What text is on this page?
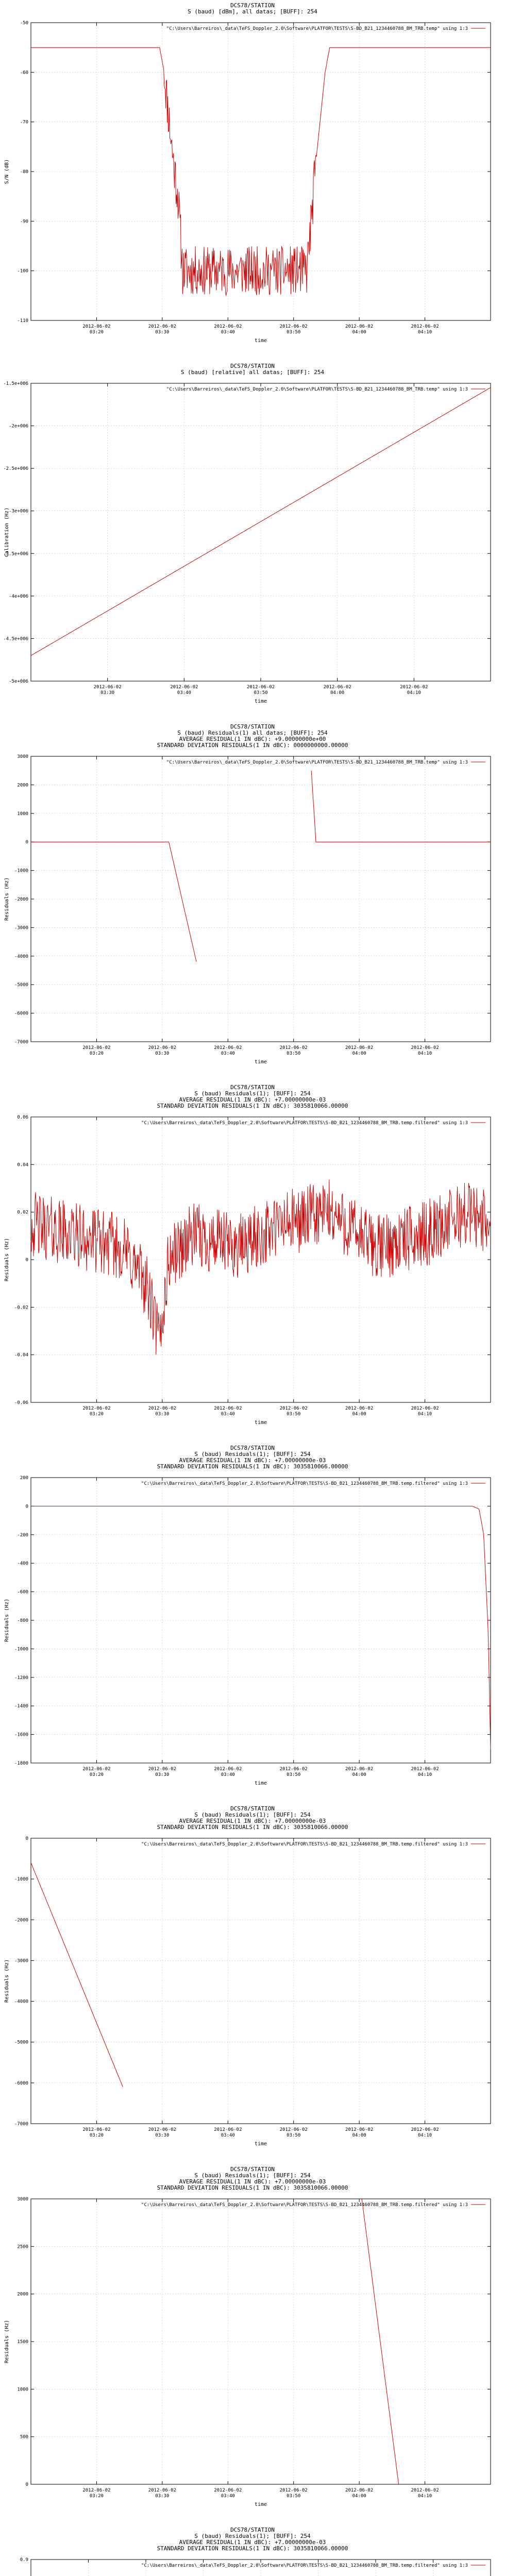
DCS78/STATION
S (baud) [dBm], all datas; [BUFF]: 254
-50
-60
-70
-80
-90
-100
-110
2012-06-02
03:20
2012-06-02
03:30
2012-06-02
03:40
2012-06-02
03:50
2012-06-02
04:00
2012-06-02
04:10
time
S/N (dB)
"C:\Users\Barreiros\_data\TeFS_Doppler_2.0\Software\PLATFOR\TESTS\S-BD_B21_1234460788_BM_TRB.temp" using 1:3
DCS78/STATION
S (baud) [relative] all datas; [BUFF]: 254
-1.5e+006
-2e+006
-2.5e+006
-3e+006
-3.5e+006
-4e+006
-4.5e+006
-5e+006
2012-06-02
03:30
2012-06-02
03:40
2012-06-02
03:50
2012-06-02
04:00
2012-06-02
04:10
time
Calibration (Hz)
"C:\Users\Barreiros\_data\TeFS_Doppler_2.0\Software\PLATFOR\TESTS\S-BD_B21_1234460788_BM_TRB.temp" using 1:3
DCS78/STATION
S (baud) Residuals(1) all datas; [BUFF]: 254
AVERAGE RESIDUAL(1 IN dBC): +9.00000000e+00
STANDARD DEVIATION RESIDUALS(1 IN dBC): 0000000000.00000
3000
2000
1000
0
-1000
-2000
-3000
-4000
-5000
-6000
-7000
2012-06-02
03:20
2012-06-02
03:30
2012-06-02
03:40
2012-06-02
03:50
2012-06-02
04:00
2012-06-02
04:10
time
Residuals (Hz)
"C:\Users\Barreiros\_data\TeFS_Doppler_2.0\Software\PLATFOR\TESTS\S-BD_B21_1234460788_BM_TRB.temp" using 1:3
DCS78/STATION
S (baud) Residuals(1); [BUFF]: 254
AVERAGE RESIDUAL(1 IN dBC): +7.00000000e-03
STANDARD DEVIATION RESIDUALS(1 IN dBC): 3035810066.00000
0.06
0.04
0.02
0
-0.02
-0.04
-0.06
2012-06-02
03:20
2012-06-02
03:30
2012-06-02
03:40
2012-06-02
03:50
2012-06-02
04:00
2012-06-02
04:10
time
Residuals (Hz)
"C:\Users\Barreiros\_data\TeFS_Doppler_2.0\Software\PLATFOR\TESTS\S-BD_B21_1234460788_BM_TRB.temp.filtered" using 1:3
DCS78/STATION
S (baud) Residuals(1); [BUFF]: 254
AVERAGE RESIDUAL(1 IN dBC): +7.00000000e-03
STANDARD DEVIATION RESIDUALS(1 IN dBC): 3035810066.00000
200
0
-200
-400
-600
-800
-1000
-1200
-1400
-1600
-1800
2012-06-02
03:20
2012-06-02
03:30
2012-06-02
03:40
2012-06-02
03:50
2012-06-02
04:00
2012-06-02
04:10
time
Residuals (Hz)
"C:\Users\Barreiros\_data\TeFS_Doppler_2.0\Software\PLATFOR\TESTS\S-BD_B21_1234460788_BM_TRB.temp.filtered" using 1:3
DCS78/STATION
S (baud) Residuals(1); [BUFF]: 254
AVERAGE RESIDUAL(1 IN dBC): +7.00000000e-03
STANDARD DEVIATION RESIDUALS(1 IN dBC): 3035810066.00000
0
-1000
-2000
-3000
-4000
-5000
-6000
-7000
2012-06-02
03:20
2012-06-02
03:30
2012-06-02
03:40
2012-06-02
03:50
2012-06-02
04:00
2012-06-02
04:10
time
Residuals (Hz)
"C:\Users\Barreiros\_data\TeFS_Doppler_2.0\Software\PLATFOR\TESTS\S-BD_B21_1234460788_BM_TRB.temp.filtered" using 1:3
DCS78/STATION
S (baud) Residuals(1); [BUFF]: 254
AVERAGE RESIDUAL(1 IN dBC): +7.00000000e-03
STANDARD DEVIATION RESIDUALS(1 IN dBC): 3035810066.00000
3000
2500
2000
1500
1000
500
0
2012-06-02
03:20
2012-06-02
03:30
2012-06-02
03:40
2012-06-02
03:50
2012-06-02
04:00
2012-06-02
04:10
time
Residuals (Hz)
"C:\Users\Barreiros\_data\TeFS_Doppler_2.0\Software\PLATFOR\TESTS\S-BD_B21_1234460788_BM_TRB.temp.filtered" using 1:3
DCS78/STATION
S (baud) Residuals(1); [BUFF]: 254
AVERAGE RESIDUAL(1 IN dBC): +7.00000000e-03
STANDARD DEVIATION RESIDUALS(1 IN dBC): 3035810066.00000
0.9
"C:\Users\Barreiros\_data\TeFS_Doppler_2.0\Software\PLATFOR\TESTS\S-BD_B21_1234460788_BM_TRB.temp.filtered" using 1:3
